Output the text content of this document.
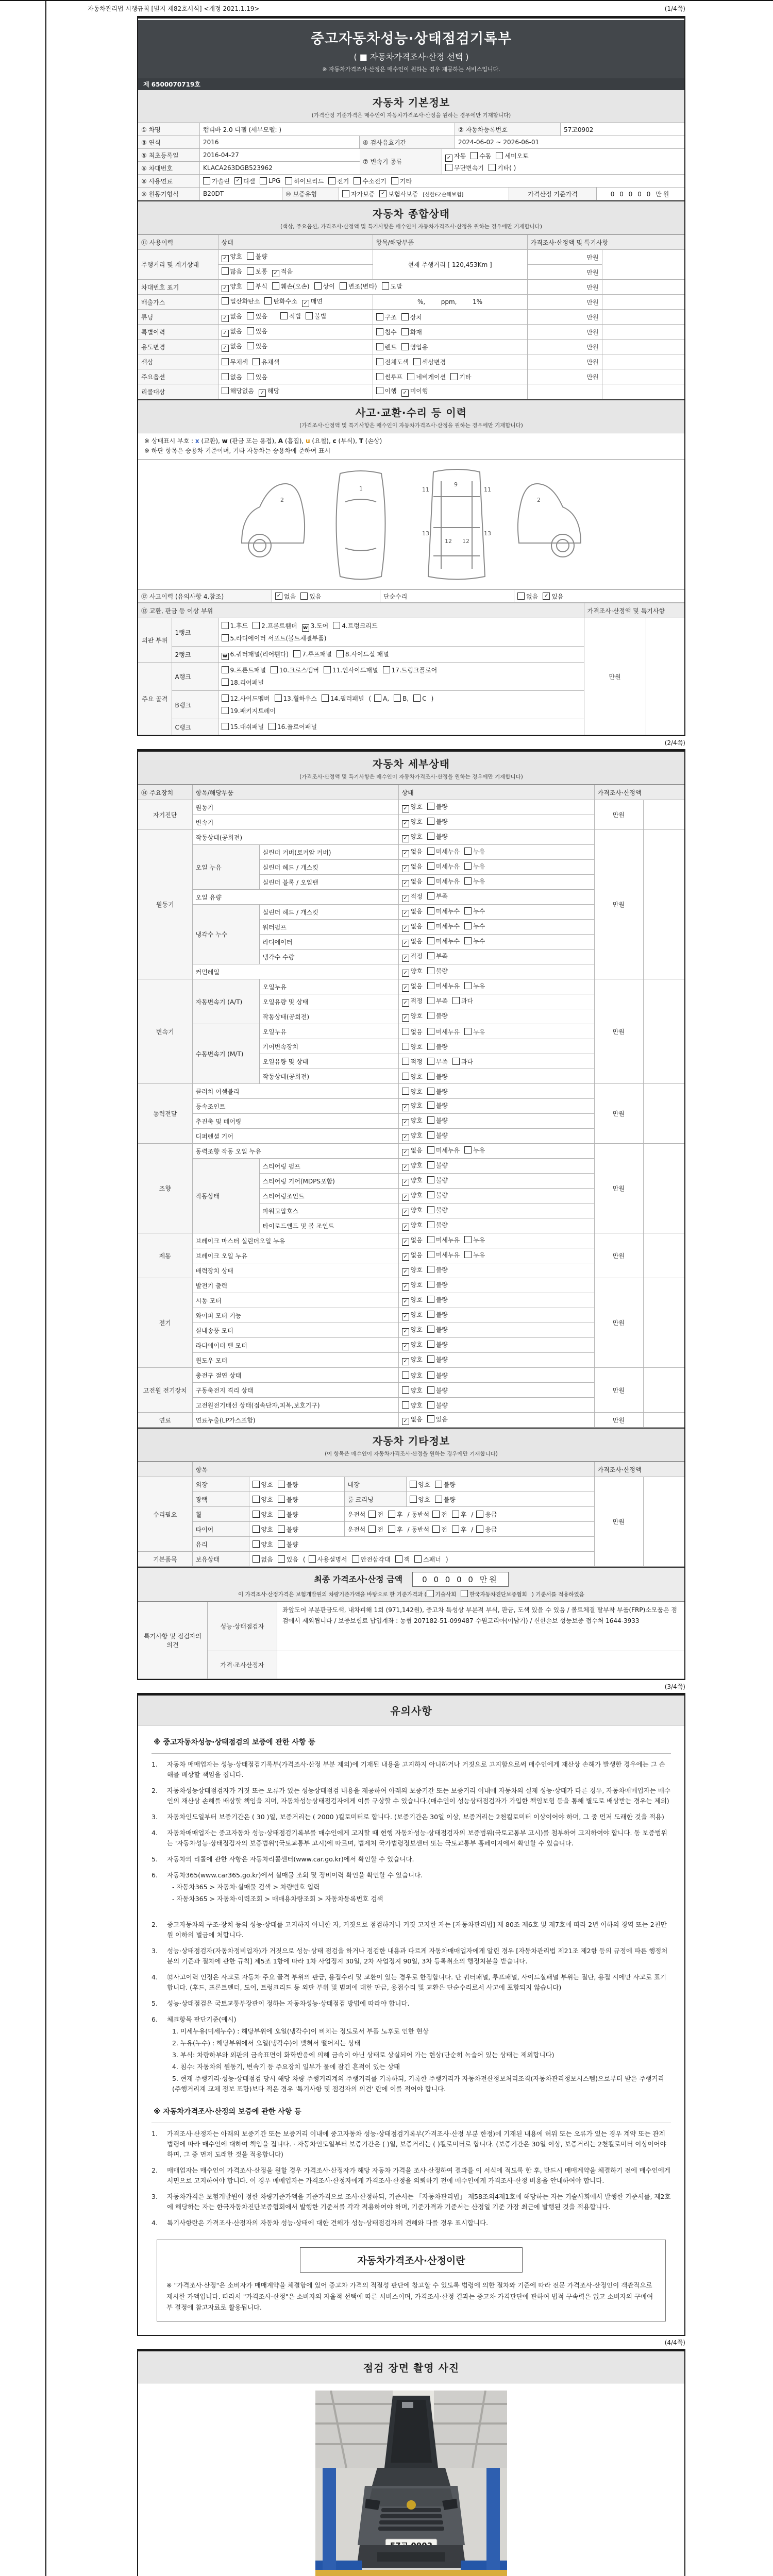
자동차관리법 시행규칙 [별지 제82호서식] <개정 2021.1.19>	(1/4쪽)
중고자동차성능·상태점검기록부
( ■ 자동차가격조사·산정 선택 )
※ 자동차가격조사·산정은 매수인이 원하는 경우 제공하는 서비스입니다.
제 6500070719호
자동차 기본정보
(가격산정 기준가격은 매수인이 자동차가격조사·산정을 원하는 경우에만 기재합니다)
① 차명	캡티바 2.0 디젤 (세부모델: )	② 자동차등록번호	57고0902
③ 연식	2016	④ 검사유효기간	2024-06-02 ~ 2026-06-01
⑤ 최초등록일	2016-04-27
⑥ 차대번호	KLACA263DGB523962
⑦ 변속기 종류
✓ 자동 수동 세미오토
무단변속기 기타( )
⑧ 사용연료	가솔린 ✓ 디젤 LPG 하이브리드 전기 수소전기 기타
⑨ 원동기형식	B20DT	⑩ 보증유형	자가보증 ✓ 보험사보증 [신한EZ손해보험]	가격산정 기준가격	0 0 0 0 0 만원
자동차 종합상태
(색상, 주요옵션, 가격조사·산정액 및 특기사항은 매수인이 자동차가격조사·산정을 원하는 경우에만 기재합니다)
⑪ 사용이력	상태	항목/해당부품	가격조사·산정액 및 특기사항	
주행거리 및 계기상태	✓ 양호 불량	현재 주행거리 [ 120,453Km ]	만원	
	많음 보통 ✓ 적음		만원	
차대번호 표기	✓ 양호 부식 훼손(오손) 상이 변조(변타) 도말		만원	
배출가스	일산화탄소 탄화수소 ✓ 매연	%,        ppm,        1%	만원	
튜닝	✓ 없음 있음 적법 불법	구조 장치	만원	
특별이력	✓ 없음 있음	침수 화재	만원	
용도변경	✓ 없음 있음	렌트 영업용	만원	
색상	무채색 유채색	전체도색 색상변경	만원	
주요옵션	없음 있음	썬루프 네비게이션 기타	만원	
리콜대상	해당없음 ✓ 해당	이행 ✓ 미이행		
사고·교환·수리 등 이력
(가격조사·산정액 및 특기사항은 매수인이 자동차가격조사·산정을 원하는 경우에만 기재합니다)
※ 상태표시 부호 : x (교환), w (판금 또는 용접), A (흠집), u (요철), c (부식), T (손상)
※ 하단 항목은 승용차 기준이며, 기타 자동차는 승용차에 준하여 표시
2
1	11	11
13	13
12 12
9
2
⑫ 사고이력 (유의사항 4.참조)	✓ 없음 있음	단순수리	없음 ✓ 있음
⑬ 교환, 판금 등 이상 부위			가격조사·산정액 및 특기사항	
외판 부위	1랭크	1.후드 2.프론트휀더 w 3.도어 4.트렁크리드
5.라디에이터 서포트(볼트체결부품)	만원	
	2랭크	w 6.쿼터패널(리어휀다) 7.루프패널 8.사이드실 패널		
주요 골격	A랭크	9.프론트패널 10.크로스멤버 11.인사이드패널 17.트렁크플로어
18.리어패널		
	B랭크	12.사이드멤버 13.휠하우스 14.필러패널 ( A, B, C )
19.패키지트레이		
	C랭크	15.대쉬패널 16.플로어패널		
(2/4쪽)
자동차 세부상태
(가격조사·산정액 및 특기사항은 매수인이 자동차가격조사·산정을 원하는 경우에만 기재합니다)
⑭ 주요장치	항목/해당부품		상태	가격조사·산정액	
자기진단	원동기		✓ 양호 불량	만원	
	변속기		✓ 양호 불량		
원동기	작동상태(공회전)		✓ 양호 불량	만원	
	오일 누유	실린더 커버(로커암 커버)	✓ 없음 미세누유 누유		
		실린더 헤드 / 개스킷	✓ 없음 미세누유 누유		
		실린더 블록 / 오일팬	✓ 없음 미세누유 누유		
	오일 유량		✓ 적정 부족		
	냉각수 누수	실린더 헤드 / 개스킷	✓ 없음 미세누수 누수		
		워터펌프	✓ 없음 미세누수 누수		
		라디에이터	✓ 없음 미세누수 누수		
		냉각수 수량	✓ 적정 부족		
	커먼레일		✓ 양호 불량		
변속기	자동변속기 (A/T)	오일누유	✓ 없음 미세누유 누유	만원	
		오일유량 및 상태	✓ 적정 부족 과다		
		작동상태(공회전)	✓ 양호 불량		
	수동변속기 (M/T)	오일누유	없음 미세누유 누유		
		기어변속장치	양호 불량		
		오일유량 및 상태	적정 부족 과다		
		작동상태(공회전)	양호 불량		
동력전달	클러치 어셈블리		양호 불량	만원	
	등속조인트		✓ 양호 불량		
	추진축 및 베어링		✓ 양호 불량		
	디퍼렌셜 기어		✓ 양호 불량		
조향	동력조향 작동 오일 누유		✓ 없음 미세누유 누유	만원	
	작동상태	스티어링 펌프	✓ 양호 불량		
		스티어링 기어(MDPS포함)	✓ 양호 불량		
		스티어링조인트	✓ 양호 불량		
		파워고압호스	✓ 양호 불량		
		타이로드엔드 및 볼 조인트	✓ 양호 불량		
제동	브레이크 마스터 실린더오일 누유		✓ 없음 미세누유 누유	만원	
	브레이크 오일 누유		✓ 없음 미세누유 누유		
	배력장치 상태		✓ 양호 불량		
전기	발전기 출력		✓ 양호 불량	만원	
	시동 모터		✓ 양호 불량		
	와이퍼 모터 기능		✓ 양호 불량		
	실내송풍 모터		✓ 양호 불량		
	라디에이터 팬 모터		✓ 양호 불량		
	윈도우 모터		✓ 양호 불량		
고전원 전기장치	충전구 절연 상태		양호 불량	만원	
	구동축전지 격리 상태		양호 불량		
	고전원전기배선 상태(접속단자,피복,보호기구)		양호 불량		
연료	연료누출(LP가스포함)		✓ 없음 있음	만원	
자동차 기타정보
(이 항목은 매수인이 자동차가격조사·산정을 원하는 경우에만 기재합니다)
	항목				가격조사·산정액	
수리필요	외장	양호 불량	내장	양호 불량	만원	
	광택	양호 불량	룸 크리닝	양호 불량		
	휠	양호 불량	운전석 전 후 / 동반석 전 후 / 응급			
	타이어	양호 불량	운전석 전 후 / 동반석 전 후 / 응급			
	유리	양호 불량				
기본품목	보유상태	없음 있음 ( 사용설명서 안전삼각대 잭 스패너 )				
최종 가격조사·산정 금액	0 0 0 0 0 만원
이 가격조사·산정가격은 보험개발원의 차량기준가액을 바탕으로 한 기준가격과 ( 기술사회 한국자동차진단보증협회 ) 기준서를 적용하였음
특기사항 및 점검자의 의견
성능·상태점검자
좌앞도어 부분판금도색, 내차피해 1회 (971,142원), 중고차 특성상 부분적 부식, 판금, 도색 있을 수 있음 / 볼트체결 탈부착 부품(FRP)소모품은 점검에서 제외됩니다 / 보증보험료 납입계좌 : 농협 207182-51-099487 수원코리아(이남기) / 신한손보 성능보증 접수처 1644-3933
가격·조사산정자
(3/4쪽)
유의사항
※ 중고자동차성능·상태점검의 보증에 관한 사항 등
1.	자동차 매매업자는 성능·상태점검기록부(가격조사·산정 부분 제외)에 기재된 내용을 고지하지 아니하거나 거짓으로 고지함으로써 매수인에게 재산상 손해가 발생한 경우에는 그 손해를 배상할 책임을 집니다.
2.	자동차성능상태점검자가 거짓 또는 오류가 있는 성능상태점검 내용을 제공하여 아래의 보증기간 또는 보증거리 이내에 자동차의 실제 성능·상태가 다른 경우, 자동차매매업자는 매수인의 재산상 손해를 배상할 책임을 지며, 자동차성능상태점검자에게 이를 구상할 수 있습니다.(매수인이 성능상태점검자가 가입한 책임보험 등을 통해 별도로 배상받는 경우는 제외)
3.	자동차인도일부터 보증기간은 ( 30 )일, 보증거리는 ( 2000 )킬로미터로 합니다. (보증기간은 30일 이상, 보증거리는 2천킬로미터 이상이어야 하며, 그 중 먼저 도래한 것을 적용)
4.	자동차매매업자는 중고자동차 성능·상태점검기록부를 매수인에게 고지할 때 현행 자동차성능·상태점검자의 보증범위(국토교통부 고시)를 첨부하여 고지하여야 합니다. 동 보증범위는 '자동차성능·상태점검자의 보증범위'(국토교통부 고시)에 따르며, 법제처 국가법령정보센터 또는 국토교통부 홈페이지에서 확인할 수 있습니다.
5.	자동차의 리콜에 관한 사항은 자동차리콜센터(www.car.go.kr)에서 확인할 수 있습니다.
6.	자동차365(www.car365.go.kr)에서 실매물 조회 및 정비이력 확인을 확인할 수 있습니다.
- 자동차365 > 자동차·실매물 검색 > 차량번호 입력
- 자동차365 > 자동차·이력조회 > 매매용차량조회 > 자동차등록번호 검색
2.	중고자동차의 구조·장치 등의 성능·상태를 고지하지 아니한 자, 거짓으로 점검하거나 거짓 고지한 자는 [자동차관리법] 제 80조 제6호 및 제7호에 따라 2년 이하의 징역 또는 2천만원 이하의 벌금에 처합니다.
3.	성능·상태점검자(자동차정비업자)가 거짓으로 성능·상태 점검을 하거나 점검한 내용과 다르게 자동차매매업자에게 알린 경우 [자동차관리법 제21조 제2항 등의 규정에 따른 행정처분의 기준과 절차에 관한 규칙] 제5조 1항에 따라 1차 사업정지 30일, 2차 사업정지 90일, 3차 등록취소의 행정처분을 받습니다.
4.	⑫사고이력 인정은 사고로 자동차 주요 골격 부위의 판금, 용접수리 및 교환이 있는 경우로 한정합니다. 단 쿼터패널, 루프패널, 사이드실패널 부위는 절단, 용접 시에만 사고로 표기합니다. (후드, 프론트펜더, 도어, 트렁크리드 등 외판 부위 및 범퍼에 대한 판금, 용접수리 및 교환은 단순수리로서 사고에 포함되지 않습니다)
5.	성능·상태점검은 국토교통부장관이 정하는 자동차성능·상태점검 방법에 따라야 합니다.
6.	체크항목 판단기준(예시)
1. 미세누유(미세누수) : 해당부위에 오일(냉각수)이 비치는 정도로서 부품 노후로 인한 현상
2. 누유(누수) : 해당부위에서 오일(냉각수)이 맺혀서 떨어지는 상태
3. 부식: 차량하부와 외판의 금속표면이 화학반응에 의해 금속이 아닌 상태로 상실되어 가는 현상(단순히 녹슬어 있는 상태는 제외합니다)
4. 침수: 자동차의 원동기, 변속기 등 주요장치 일부가 물에 잠긴 흔적이 있는 상태
5. 현재 주행거리·성능·상태점검 당시 해당 차량 주행거리계의 주행거리를 기록하되, 기록한 주행거리가 자동차전산정보처리조직(자동차관리정보시스템)으로부터 받은 주행거리(주행거리계 교체 정보 포함)보다 적은 경우 '특기사항 및 점검자의 의견' 란에 이를 적어야 합니다.
※ 자동차가격조사·산정의 보증에 관한 사항 등
1.	가격조사·산정자는 아래의 보증기간 또는 보증거리 이내에 중고자동차 성능·상태점검기록부(가격조사·산정 부분 한정)에 기재된 내용에 허위 또는 오류가 있는 경우 계약 또는 관계법령에 따라 매수인에 대하여 책임을 집니다. · 자동차인도일부터 보증기간은 ( )일, 보증거리는 ( )킬로미터로 합니다. (보증기간은 30일 이상, 보증거리는 2천킬로미터 이상이어야 하며, 그 중 먼저 도래한 것을 적용합니다)
2.	매매업자는 매수인이 가격조사·산정을 원할 경우 가격조사·산정자가 해당 자동차 가격을 조사·산정하여 결과를 이 서식에 적도록 한 후, 반드시 매매계약을 체결하기 전에 매수인에게 서면으로 고지하여야 합니다. 이 경우 매매업자는 가격조사·산정자에게 가격조사·산정을 의뢰하기 전에 매수인에게 가격조사·산정 비용을 안내하여야 합니다.
3.	자동차가격은 보험개발원이 정한 차량기준가액을 기준가격으로 조사·산정하되, 기준서는 「자동차관리법」 제58조의4제1호에 해당하는 자는 기술사회에서 발행한 기준서를, 제2호에 해당하는 자는 한국자동차진단보증협회에서 발행한 기준서를 각각 적용하여야 하며, 기준가격과 기준서는 산정일 기준 가장 최근에 발행된 것을 적용합니다.
4.	특기사항란은 가격조사·산정자의 자동차 성능·상태에 대한 견해가 성능·상태점검자의 견해와 다를 경우 표시합니다.
자동차가격조사·산정이란
※ "가격조사·산정"은 소비자가 매매계약을 체결함에 있어 중고차 가격의 적절성 판단에 참고할 수 있도록 법령에 의한 절차와 기준에 따라 전문 가격조사·산정인이 객관적으로 제시한 가액입니다. 따라서 "가격조사·산정"은 소비자의 자율적 선택에 따른 서비스이며, 가격조사·산정 결과는 중고차 가격판단에 관하여 법적 구속력은 없고 소비자의 구매여부 결정에 참고자료로 활용됩니다.
(4/4쪽)
점검 장면 촬영 사진
